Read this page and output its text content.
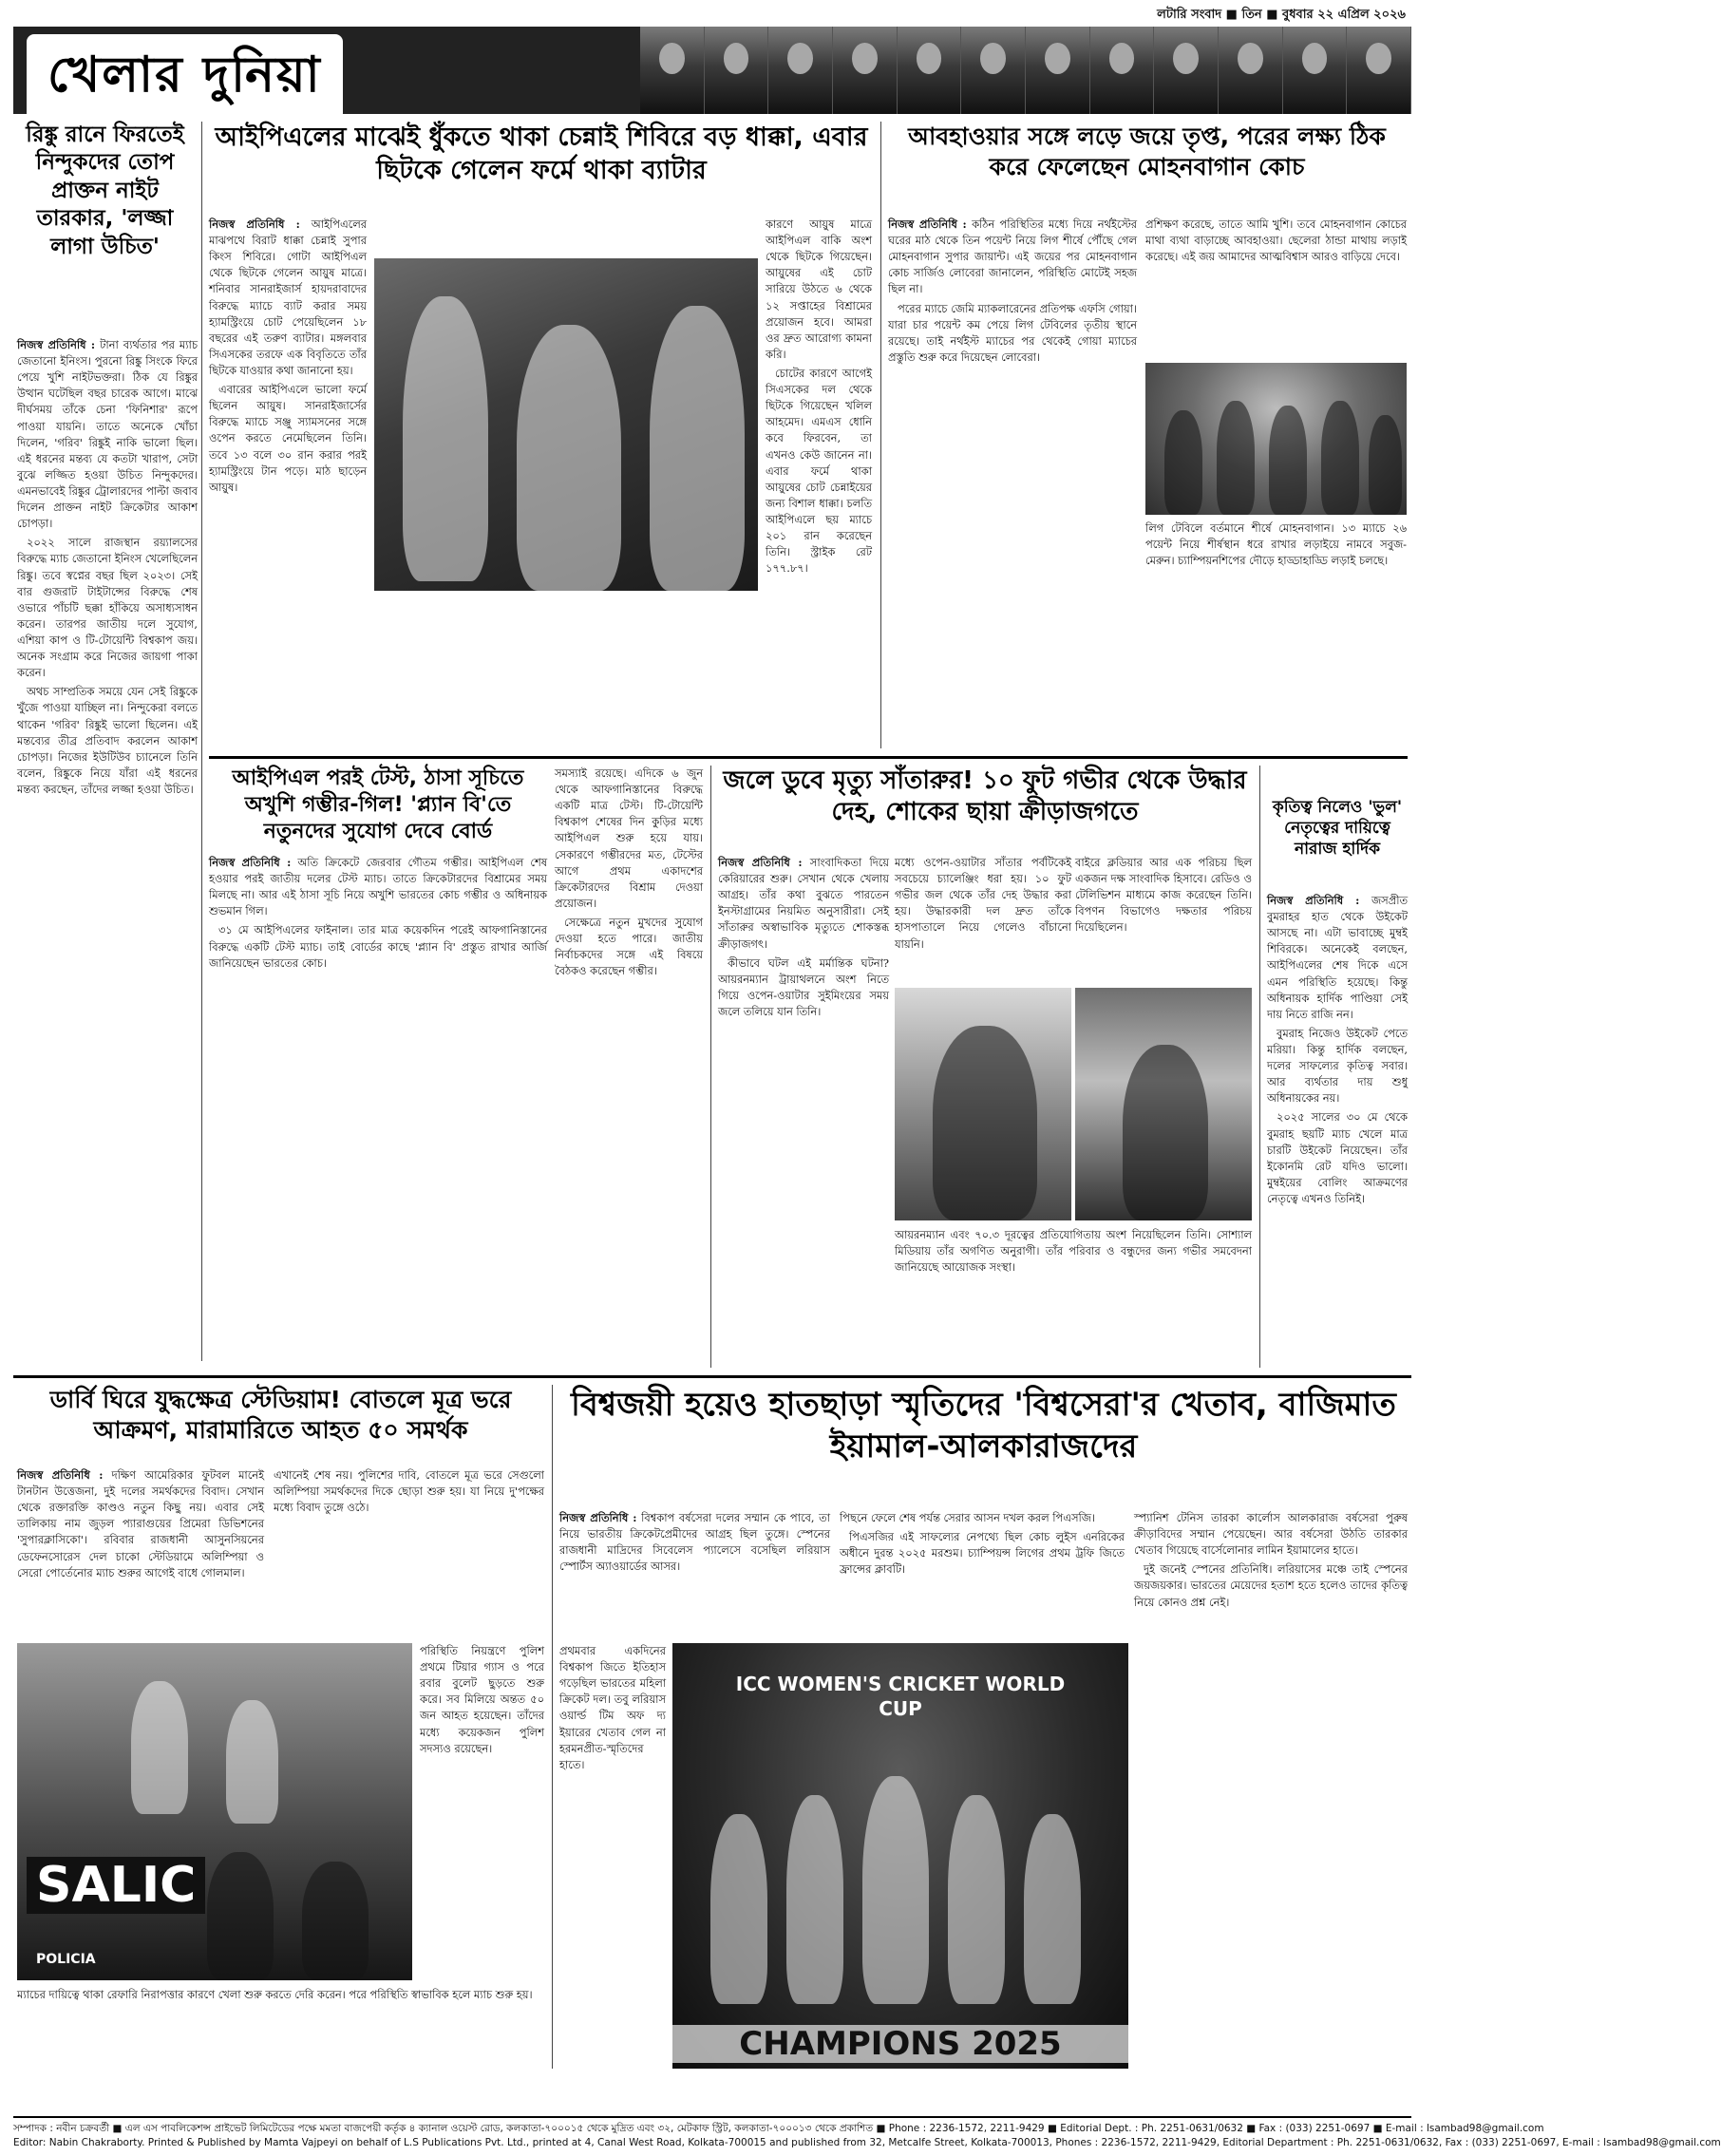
লটারি সংবাদ ■ তিন ■ বুধবার ২২ এপ্রিল ২০২৬
খেলার দুনিয়া
রিঙ্কু রানে ফিরতেই নিন্দুকদের তোপ প্রাক্তন নাইট তারকার, 'লজ্জা লাগা উচিত'

নিজস্ব প্রতিনিধি : টানা ব্যর্থতার পর ম্যাচ জেতানো ইনিংস। পুরনো রিঙ্কু সিংকে ফিরে পেয়ে খুশি নাইটভক্তরা। ঠিক যে রিঙ্কুর উত্থান ঘটেছিল বছর চারেক আগে। মাঝে দীর্ঘসময় তাঁকে চেনা 'ফিনিশার' রূপে পাওয়া যায়নি। তাতে অনেকে খোঁচা দিলেন, 'গরিব' রিঙ্কুই নাকি ভালো ছিল। এই ধরনের মন্তব্য যে কতটা খারাপ, সেটা বুঝে লজ্জিত হওয়া উচিত নিন্দুকদের। এমনভাবেই রিঙ্কুর ট্রোলারদের পাল্টা জবাব দিলেন প্রাক্তন নাইট ক্রিকেটার আকাশ চোপড়া।

২০২২ সালে রাজস্থান রয়্যালসের বিরুদ্ধে ম্যাচ জেতানো ইনিংস খেলেছিলেন রিঙ্কু। তবে স্বপ্নের বছর ছিল ২০২৩। সেই বার গুজরাট টাইটান্সের বিরুদ্ধে শেষ ওভারে পাঁচটি ছক্কা হাঁকিয়ে অসাধ্যসাধন করেন। তারপর জাতীয় দলে সুযোগ, এশিয়া কাপ ও টি-টোয়েন্টি বিশ্বকাপ জয়। অনেক সংগ্রাম করে নিজের জায়গা পাকা করেন।

অথচ সাম্প্রতিক সময়ে যেন সেই রিঙ্কুকে খুঁজে পাওয়া যাচ্ছিল না। নিন্দুকেরা বলতে থাকেন 'গরিব' রিঙ্কুই ভালো ছিলেন। এই মন্তব্যের তীব্র প্রতিবাদ করলেন আকাশ চোপড়া। নিজের ইউটিউব চ্যানেলে তিনি বলেন, রিঙ্কুকে নিয়ে যাঁরা এই ধরনের মন্তব্য করছেন, তাঁদের লজ্জা হওয়া উচিত।

আইপিএলের মাঝেই ধুঁকতে থাকা চেন্নাই শিবিরে বড় ধাক্কা, এবার ছিটকে গেলেন ফর্মে থাকা ব্যাটার

নিজস্ব প্রতিনিধি : আইপিএলের মাঝপথে বিরাট ধাক্কা চেন্নাই সুপার কিংস শিবিরে। গোটা আইপিএল থেকে ছিটকে গেলেন আয়ুষ মাত্রে। শনিবার সানরাইজার্স হায়দরাবাদের বিরুদ্ধে ম্যাচে ব্যাট করার সময় হ্যামস্ট্রিংয়ে চোট পেয়েছিলেন ১৮ বছরের এই তরুণ ব্যাটার। মঙ্গলবার সিএসকের তরফে এক বিবৃতিতে তাঁর ছিটকে যাওয়ার কথা জানানো হয়।

এবারের আইপিএলে ভালো ফর্মে ছিলেন আয়ুষ। সানরাইজার্সের বিরুদ্ধে ম্যাচে সঞ্জু স্যামসনের সঙ্গে ওপেন করতে নেমেছিলেন তিনি। তবে ১৩ বলে ৩০ রান করার পরই হ্যামস্ট্রিংয়ে টান পড়ে। মাঠ ছাড়েন আয়ুষ।

কারণে আয়ুষ মাত্রে আইপিএল বাকি অংশ থেকে ছিটকে গিয়েছেন। আয়ুষের এই চোট সারিয়ে উঠতে ৬ থেকে ১২ সপ্তাহের বিশ্রামের প্রয়োজন হবে। আমরা ওর দ্রুত আরোগ্য কামনা করি।

চোটের কারণে আগেই সিএসকের দল থেকে ছিটকে গিয়েছেন খলিল আহমেদ। এমএস ধোনি কবে ফিরবেন, তা এখনও কেউ জানেন না। এবার ফর্মে থাকা আয়ুষের চোট চেন্নাইয়ের জন্য বিশাল ধাক্কা। চলতি আইপিএলে ছয় ম্যাচে ২০১ রান করেছেন তিনি। স্ট্রাইক রেট ১৭৭.৮৭।

আবহাওয়ার সঙ্গে লড়ে জয়ে তৃপ্ত, পরের লক্ষ্য ঠিক করে ফেলেছেন মোহনবাগান কোচ

নিজস্ব প্রতিনিধি : কঠিন পরিস্থিতির মধ্যে দিয়ে নর্থইস্টের ঘরের মাঠ থেকে তিন পয়েন্ট নিয়ে লিগ শীর্ষে পৌঁছে গেল মোহনবাগান সুপার জায়ান্ট। এই জয়ের পর মোহনবাগান কোচ সার্জিও লোবেরা জানালেন, পরিস্থিতি মোটেই সহজ ছিল না।

পরের ম্যাচে জেমি ম্যাকলারেনের প্রতিপক্ষ এফসি গোয়া। যারা চার পয়েন্ট কম পেয়ে লিগ টেবিলের তৃতীয় স্থানে রয়েছে। তাই নর্থইস্ট ম্যাচের পর থেকেই গোয়া ম্যাচের প্রস্তুতি শুরু করে দিয়েছেন লোবেরা।

প্রশিক্ষণ করেছে, তাতে আমি খুশি। তবে মোহনবাগান কোচের মাথা ব্যথা বাড়াচ্ছে আবহাওয়া। ছেলেরা ঠান্ডা মাথায় লড়াই করেছে। এই জয় আমাদের আত্মবিশ্বাস আরও বাড়িয়ে দেবে।

লিগ টেবিলে বর্তমানে শীর্ষে মোহনবাগান। ১৩ ম্যাচে ২৬ পয়েন্ট নিয়ে শীর্ষস্থান ধরে রাখার লড়াইয়ে নামবে সবুজ-মেরুন। চ্যাম্পিয়নশিপের দৌড়ে হাড্ডাহাড্ডি লড়াই চলছে।

আইপিএল পরই টেস্ট, ঠাসা সূচিতে অখুশি গম্ভীর-গিল! 'প্ল্যান বি'তে নতুনদের সুযোগ দেবে বোর্ড

নিজস্ব প্রতিনিধি : অতি ক্রিকেটে জেরবার গৌতম গম্ভীর। আইপিএল শেষ হওয়ার পরই জাতীয় দলের টেস্ট ম্যাচ। তাতে ক্রিকেটারদের বিশ্রামের সময় মিলছে না। আর এই ঠাসা সূচি নিয়ে অখুশি ভারতের কোচ গম্ভীর ও অধিনায়ক শুভমান গিল।

৩১ মে আইপিএলের ফাইনাল। তার মাত্র কয়েকদিন পরেই আফগানিস্তানের বিরুদ্ধে একটি টেস্ট ম্যাচ। তাই বোর্ডের কাছে 'প্ল্যান বি' প্রস্তুত রাখার আর্জি জানিয়েছেন ভারতের কোচ।

সমস্যাই রয়েছে। এদিকে ৬ জুন থেকে আফগানিস্তানের বিরুদ্ধে একটি মাত্র টেস্ট। টি-টোয়েন্টি বিশ্বকাপ শেষের দিন কুড়ির মধ্যে আইপিএল শুরু হয়ে যায়। সেকারণে গম্ভীরদের মত, টেস্টের আগে প্রথম একাদশের ক্রিকেটারদের বিশ্রাম দেওয়া প্রয়োজন।

সেক্ষেত্রে নতুন মুখদের সুযোগ দেওয়া হতে পারে। জাতীয় নির্বাচকদের সঙ্গে এই বিষয়ে বৈঠকও করেছেন গম্ভীর।

জলে ডুবে মৃত্যু সাঁতারুর! ১০ ফুট গভীর থেকে উদ্ধার দেহ, শোকের ছায়া ক্রীড়াজগতে

নিজস্ব প্রতিনিধি : সাংবাদিকতা দিয়ে কেরিয়ারের শুরু। সেখান থেকে খেলায় আগ্রহ। তাঁর কথা বুঝতে পারতেন ইনস্টাগ্রামের নিয়মিত অনুসারীরা। সেই সাঁতারুর অস্বাভাবিক মৃত্যুতে শোকস্তব্ধ ক্রীড়াজগৎ।

কীভাবে ঘটল এই মর্মান্তিক ঘটনা? আয়রনম্যান ট্রায়াথলনে অংশ নিতে গিয়ে ওপেন-ওয়াটার সুইমিংয়ের সময় জলে তলিয়ে যান তিনি।

মধ্যে ওপেন-ওয়াটার সাঁতার পর্বটিকেই সবচেয়ে চ্যালেঞ্জিং ধরা হয়। ১০ ফুট গভীর জল থেকে তাঁর দেহ উদ্ধার করা হয়। উদ্ধারকারী দল দ্রুত তাঁকে হাসপাতালে নিয়ে গেলেও বাঁচানো যায়নি।

বাইরে ক্লডিয়ার আর এক পরিচয় ছিল একজন দক্ষ সাংবাদিক হিসাবে। রেডিও ও টেলিভিশন মাধ্যমে কাজ করেছেন তিনি। বিপণন বিভাগেও দক্ষতার পরিচয় দিয়েছিলেন।

আয়রনম্যান এবং ৭০.৩ দূরত্বের প্রতিযোগিতায় অংশ নিয়েছিলেন তিনি। সোশ্যাল মিডিয়ায় তাঁর অগণিত অনুরাগী। তাঁর পরিবার ও বন্ধুদের জন্য গভীর সমবেদনা জানিয়েছে আয়োজক সংস্থা।

কৃতিত্ব নিলেও 'ভুল' নেতৃত্বের দায়িত্বে নারাজ হার্দিক

নিজস্ব প্রতিনিধি : জসপ্রীত বুমরাহর হাত থেকে উইকেট আসছে না। এটা ভাবাচ্ছে মুম্বই শিবিরকে। অনেকেই বলছেন, আইপিএলের শেষ দিকে এসে এমন পরিস্থিতি হয়েছে। কিন্তু অধিনায়ক হার্দিক পাণ্ডিয়া সেই দায় নিতে রাজি নন।

বুমরাহ নিজেও উইকেট পেতে মরিয়া। কিন্তু হার্দিক বলছেন, দলের সাফল্যের কৃতিত্ব সবার। আর ব্যর্থতার দায় শুধু অধিনায়কের নয়।

২০২৫ সালের ৩০ মে থেকে বুমরাহ ছয়টি ম্যাচ খেলে মাত্র চারটি উইকেট নিয়েছেন। তাঁর ইকোনমি রেট যদিও ভালো। মুম্বইয়ের বোলিং আক্রমণের নেতৃত্বে এখনও তিনিই।

ডার্বি ঘিরে যুদ্ধক্ষেত্র স্টেডিয়াম! বোতলে মূত্র ভরে আক্রমণ, মারামারিতে আহত ৫০ সমর্থক

নিজস্ব প্রতিনিধি : দক্ষিণ আমেরিকার ফুটবল মানেই টানটান উত্তেজনা, দুই দলের সমর্থকদের বিবাদ। সেখান থেকে রক্তারক্তি কাণ্ডও নতুন কিছু নয়। এবার সেই তালিকায় নাম জুড়ল প্যারাগুয়ের প্রিমেরা ডিভিশনের 'সুপারক্লাসিকো'। রবিবার রাজধানী আসুনসিয়নের ডেফেনসোরেস দেল চাকো স্টেডিয়ামে অলিম্পিয়া ও সেরো পোর্তেনোর ম্যাচ শুরুর আগেই বাধে গোলমাল।

এখানেই শেষ নয়। পুলিশের দাবি, বোতলে মূত্র ভরে সেগুলো অলিম্পিয়া সমর্থকদের দিকে ছোড়া শুরু হয়। যা নিয়ে দু'পক্ষের মধ্যে বিবাদ তুঙ্গে ওঠে।

SALIC
POLICIA

পরিস্থিতি নিয়ন্ত্রণে পুলিশ প্রথমে টিয়ার গ্যাস ও পরে রবার বুলেট ছুড়তে শুরু করে। সব মিলিয়ে অন্তত ৫০ জন আহত হয়েছেন। তাঁদের মধ্যে কয়েকজন পুলিশ সদস্যও রয়েছেন।

ম্যাচের দায়িত্বে থাকা রেফারি নিরাপত্তার কারণে খেলা শুরু করতে দেরি করেন। পরে পরিস্থিতি স্বাভাবিক হলে ম্যাচ শুরু হয়।

বিশ্বজয়ী হয়েও হাতছাড়া স্মৃতিদের 'বিশ্বসেরা'র খেতাব, বাজিমাত ইয়ামাল-আলকারাজদের

নিজস্ব প্রতিনিধি : বিশ্বকাপ বর্ষসেরা দলের সম্মান কে পাবে, তা নিয়ে ভারতীয় ক্রিকেটপ্রেমীদের আগ্রহ ছিল তুঙ্গে। স্পেনের রাজধানী মাদ্রিদের সিবেলেস প্যালেসে বসেছিল লরিয়াস স্পোর্টস অ্যাওয়ার্ডের আসর।

পিছনে ফেলে শেষ পর্যন্ত সেরার আসন দখল করল পিএসজি।

পিএসজির এই সাফল্যের নেপথ্যে ছিল কোচ লুইস এনরিকের অধীনে দুরন্ত ২০২৫ মরশুম। চ্যাম্পিয়ন্স লিগের প্রথম ট্রফি জিতে ফ্রান্সের ক্লাবটি।

স্প্যানিশ টেনিস তারকা কার্লোস আলকারাজ বর্ষসেরা পুরুষ ক্রীড়াবিদের সম্মান পেয়েছেন। আর বর্ষসেরা উঠতি তারকার খেতাব গিয়েছে বার্সেলোনার লামিন ইয়ামালের হাতে।

দুই জনেই স্পেনের প্রতিনিধি। লরিয়াসের মঞ্চে তাই স্পেনের জয়জয়কার। ভারতের মেয়েদের হতাশ হতে হলেও তাদের কৃতিত্ব নিয়ে কোনও প্রশ্ন নেই।

প্রথমবার একদিনের বিশ্বকাপ জিতে ইতিহাস গড়েছিল ভারতের মহিলা ক্রিকেট দল। তবু লরিয়াস ওয়ার্ল্ড টিম অফ দ্য ইয়ারের খেতাব গেল না হরমনপ্রীত-স্মৃতিদের হাতে।

ICC WOMEN'S CRICKET WORLD CUP
CHAMPIONS 2025
সম্পাদক : নবীন চক্রবর্তী ■ এল এস পাবলিকেশন্স প্রাইভেট লিমিটেডের পক্ষে মমতা বাজপেয়ী কর্তৃক ৪ ক্যানাল ওয়েস্ট রোড, কলকাতা-৭০০০১৫ থেকে মুদ্রিত এবং ৩২, মেটকাফ স্ট্রিট, কলকাতা-৭০০০১৩ থেকে প্রকাশিত ■ Phone : 2236-1572, 2211-9429 ■ Editorial Dept. : Ph. 2251-0631/0632 ■ Fax : (033) 2251-0697 ■ E-mail : lsambad98@gmail.com
Editor: Nabin Chakraborty. Printed & Published by Mamta Vajpeyi on behalf of L.S Publications Pvt. Ltd., printed at 4, Canal West Road, Kolkata-700015 and published from 32, Metcalfe Street, Kolkata-700013, Phones : 2236-1572, 2211-9429, Editorial Department : Ph. 2251-0631/0632, Fax : (033) 2251-0697, E-mail : lsambad98@gmail.com
